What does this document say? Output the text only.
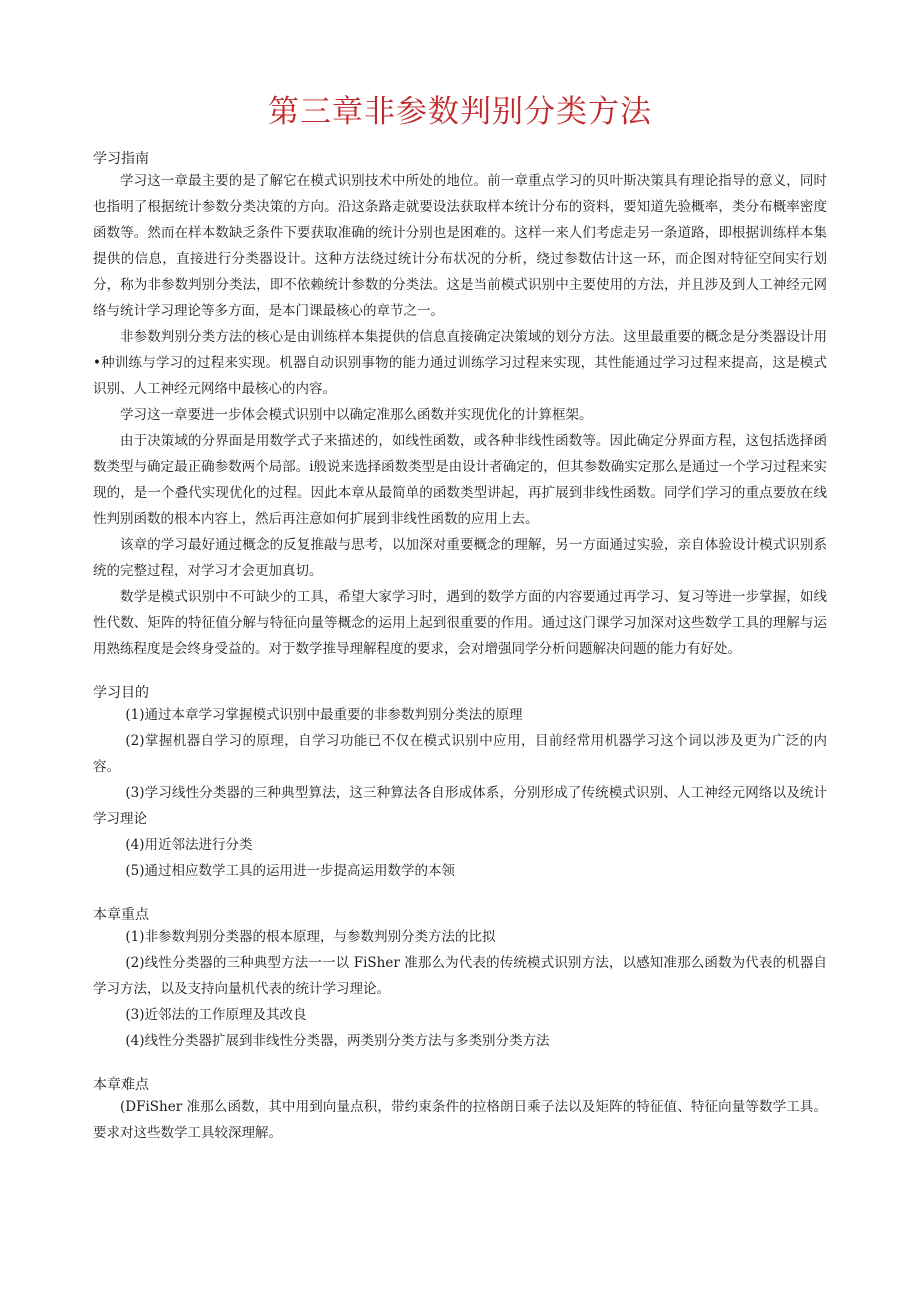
第三章非参数判别分类方法
学习指南

学习这一章最主要的是了解它在模式识别技术中所处的地位。前一章重点学习的贝叶斯决策具有理论指导的意义，同时也指明了根据统计参数分类决策的方向。沿这条路走就要设法获取样本统计分布的资料，要知道先验概率，类分布概率密度函数等。然而在样本数缺乏条件下要获取准确的统计分别也是困难的。这样一来人们考虑走另一条道路，即根据训练样本集提供的信息，直接进行分类器设计。这种方法绕过统计分布状况的分析，绕过参数估计这一环，而企图对特征空间实行划分，称为非参数判别分类法，即不依赖统计参数的分类法。这是当前模式识别中主要使用的方法，并且涉及到人工神经元网络与统计学习理论等多方面，是本门课最核心的章节之一。

非参数判别分类方法的核心是由训练样本集提供的信息直接确定决策域的划分方法。这里最重要的概念是分类器设计用•种训练与学习的过程来实现。机器自动识别事物的能力通过训练学习过程来实现，其性能通过学习过程来提高，这是模式识别、人工神经元网络中最核心的内容。

学习这一章要进一步体会模式识别中以确定准那么函数并实现优化的计算框架。

由于决策域的分界面是用数学式子来描述的，如线性函数，或各种非线性函数等。因此确定分界面方程，这包括选择函数类型与确定最正确参数两个局部。i般说来选择函数类型是由设计者确定的，但其参数确实定那么是通过一个学习过程来实现的，是一个叠代实现优化的过程。因此本章从最简单的函数类型讲起，再扩展到非线性函数。同学们学习的重点要放在线性判别函数的根本内容上，然后再注意如何扩展到非线性函数的应用上去。

该章的学习最好通过概念的反复推敲与思考，以加深对重要概念的理解，另一方面通过实验，亲自体验设计模式识别系统的完整过程，对学习才会更加真切。

数学是模式识别中不可缺少的工具，希望大家学习时，遇到的数学方面的内容要通过再学习、复习等进一步掌握，如线性代数、矩阵的特征值分解与特征向量等概念的运用上起到很重要的作用。通过这门课学习加深对这些数学工具的理解与运用熟练程度是会终身受益的。对于数学推导理解程度的要求，会对增强同学分析问题解决问题的能力有好处。

学习目的

(1)通过本章学习掌握模式识别中最重要的非参数判别分类法的原理

(2)掌握机器自学习的原理，自学习功能已不仅在模式识别中应用，目前经常用机器学习这个词以涉及更为广泛的内容。

(3)学习线性分类器的三种典型算法，这三种算法各自形成体系，分别形成了传统模式识别、人工神经元网络以及统计学习理论

(4)用近邻法进行分类

(5)通过相应数学工具的运用进一步提高运用数学的本领

本章重点

(1)非参数判别分类器的根本原理，与参数判别分类方法的比拟

(2)线性分类器的三种典型方法一一以 FiSher 准那么为代表的传统模式识别方法，以感知准那么函数为代表的机器自学习方法，以及支持向量机代表的统计学习理论。

(3)近邻法的工作原理及其改良

(4)线性分类器扩展到非线性分类器，两类别分类方法与多类别分类方法

本章难点

(DFiSher 准那么函数，其中用到向量点积，带约束条件的拉格朗日乘子法以及矩阵的特征值、特征向量等数学工具。要求对这些数学工具较深理解。
